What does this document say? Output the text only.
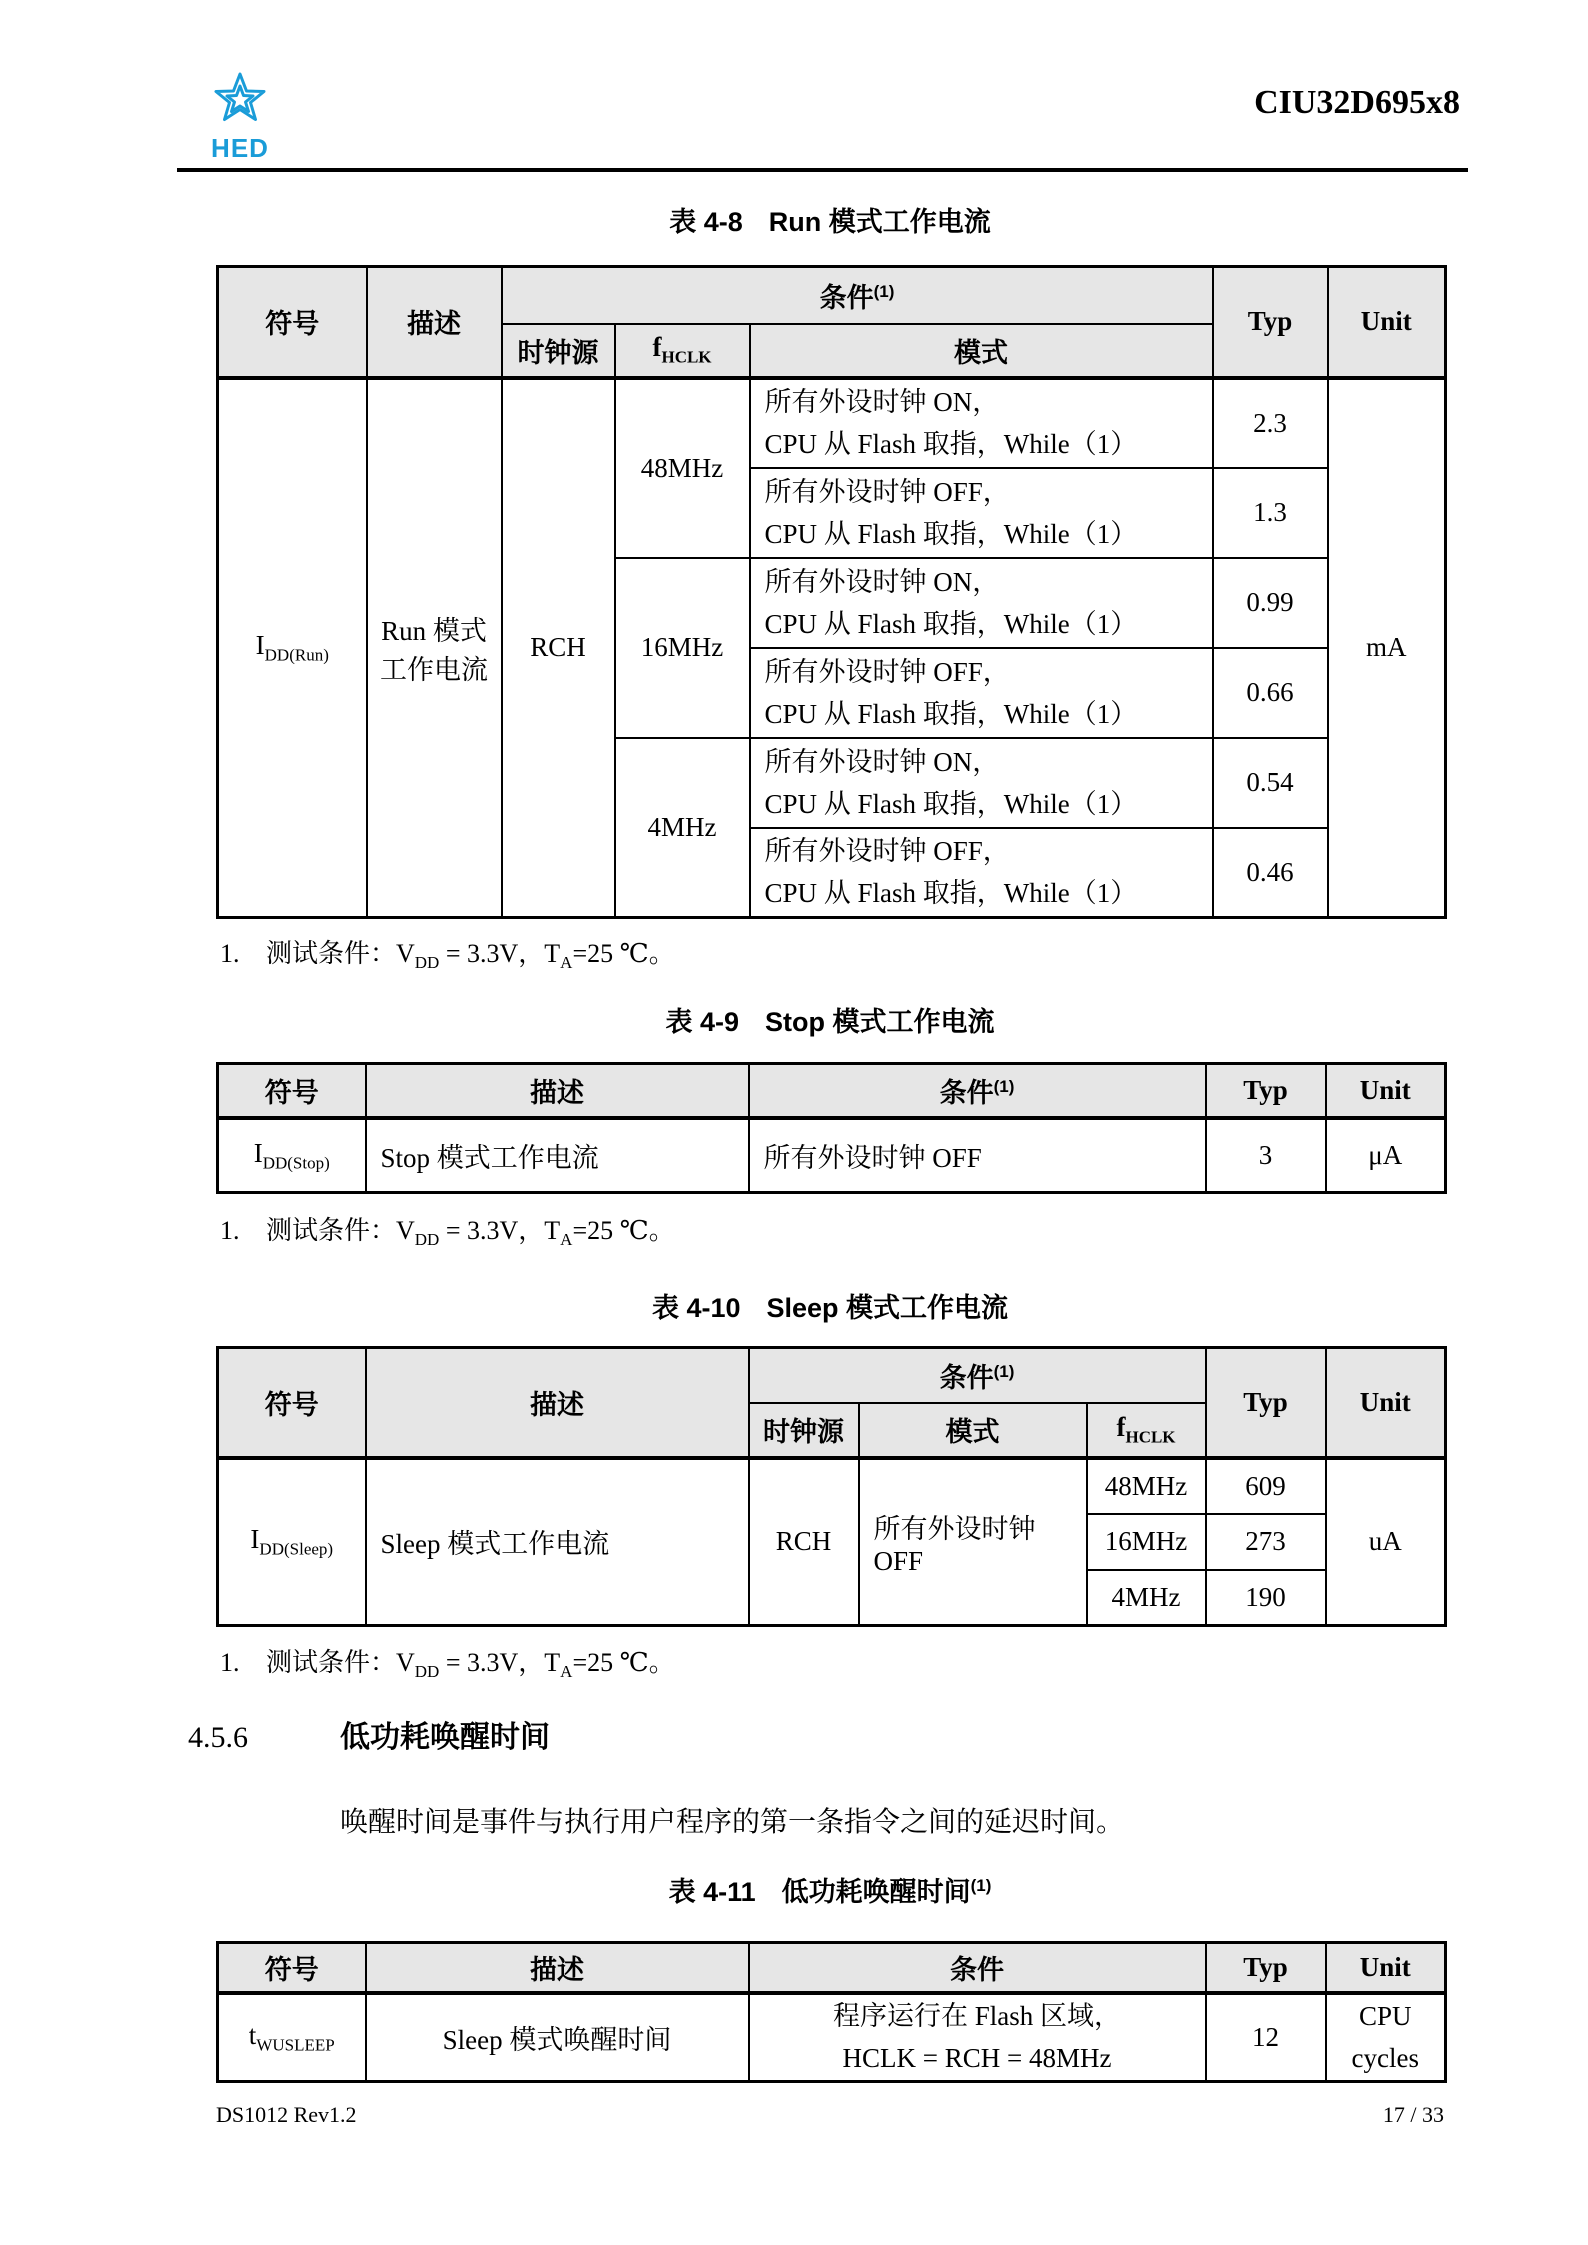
HED
CIU32D695x8
表 4-8 Run 模式工作电流
符号	描述	条件$^{(1)}$			Typ	Unit
		时钟源	$f_{HCLK}$	模式		
$I_{DD(Run)}$	Run 模式工作电流	RCH	48MHz	所有外设时钟 ON，
CPU 从 Flash 取指，While（1）	2.3	mA

				所有外设时钟 OFF，
CPU 从 Flash 取指，While（1）	1.3	
			16MHz	所有外设时钟 ON，
CPU 从 Flash 取指，While（1）	0.99	

				所有外设时钟 OFF，
CPU 从 Flash 取指，While（1）	0.66	
			4MHz	所有外设时钟 ON，
CPU 从 Flash 取指，While（1）	0.54	

				所有外设时钟 OFF，
CPU 从 Flash 取指，While（1）	0.46	
1. 测试条件：$V_{DD} = 3.3V$，$T_A=25$ ℃。
表 4-9 Stop 模式工作电流
符号	描述	条件$^{(1)}$	Typ	Unit
$I_{DD(Stop)}$	Stop 模式工作电流	所有外设时钟 OFF	3	μA
1. 测试条件：$V_{DD} = 3.3V$，$T_A=25$ ℃。
表 4-10 Sleep 模式工作电流
符号	描述	条件$^{(1)}$			Typ	Unit
		时钟源	模式	$f_{HCLK}$
$I_{DD(Sleep)}$	Sleep 模式工作电流	RCH	所有外设时钟 OFF	48MHz	609	uA
				16MHz	273	
				4MHz	190	
1. 测试条件：$V_{DD} = 3.3V$，$T_A=25$ ℃。
4.5.6	低功耗唤醒时间
唤醒时间是事件与执行用户程序的第一条指令之间的延迟时间。
表 4-11 低功耗唤醒时间$^{(1)}$
符号	描述	条件	Typ	Unit
$t_{WUSLEEP}$	Sleep 模式唤醒时间	程序运行在 Flash 区域，
HCLK = RCH = 48MHz	12	CPU
cycles
DS1012 Rev1.2	17 / 33
